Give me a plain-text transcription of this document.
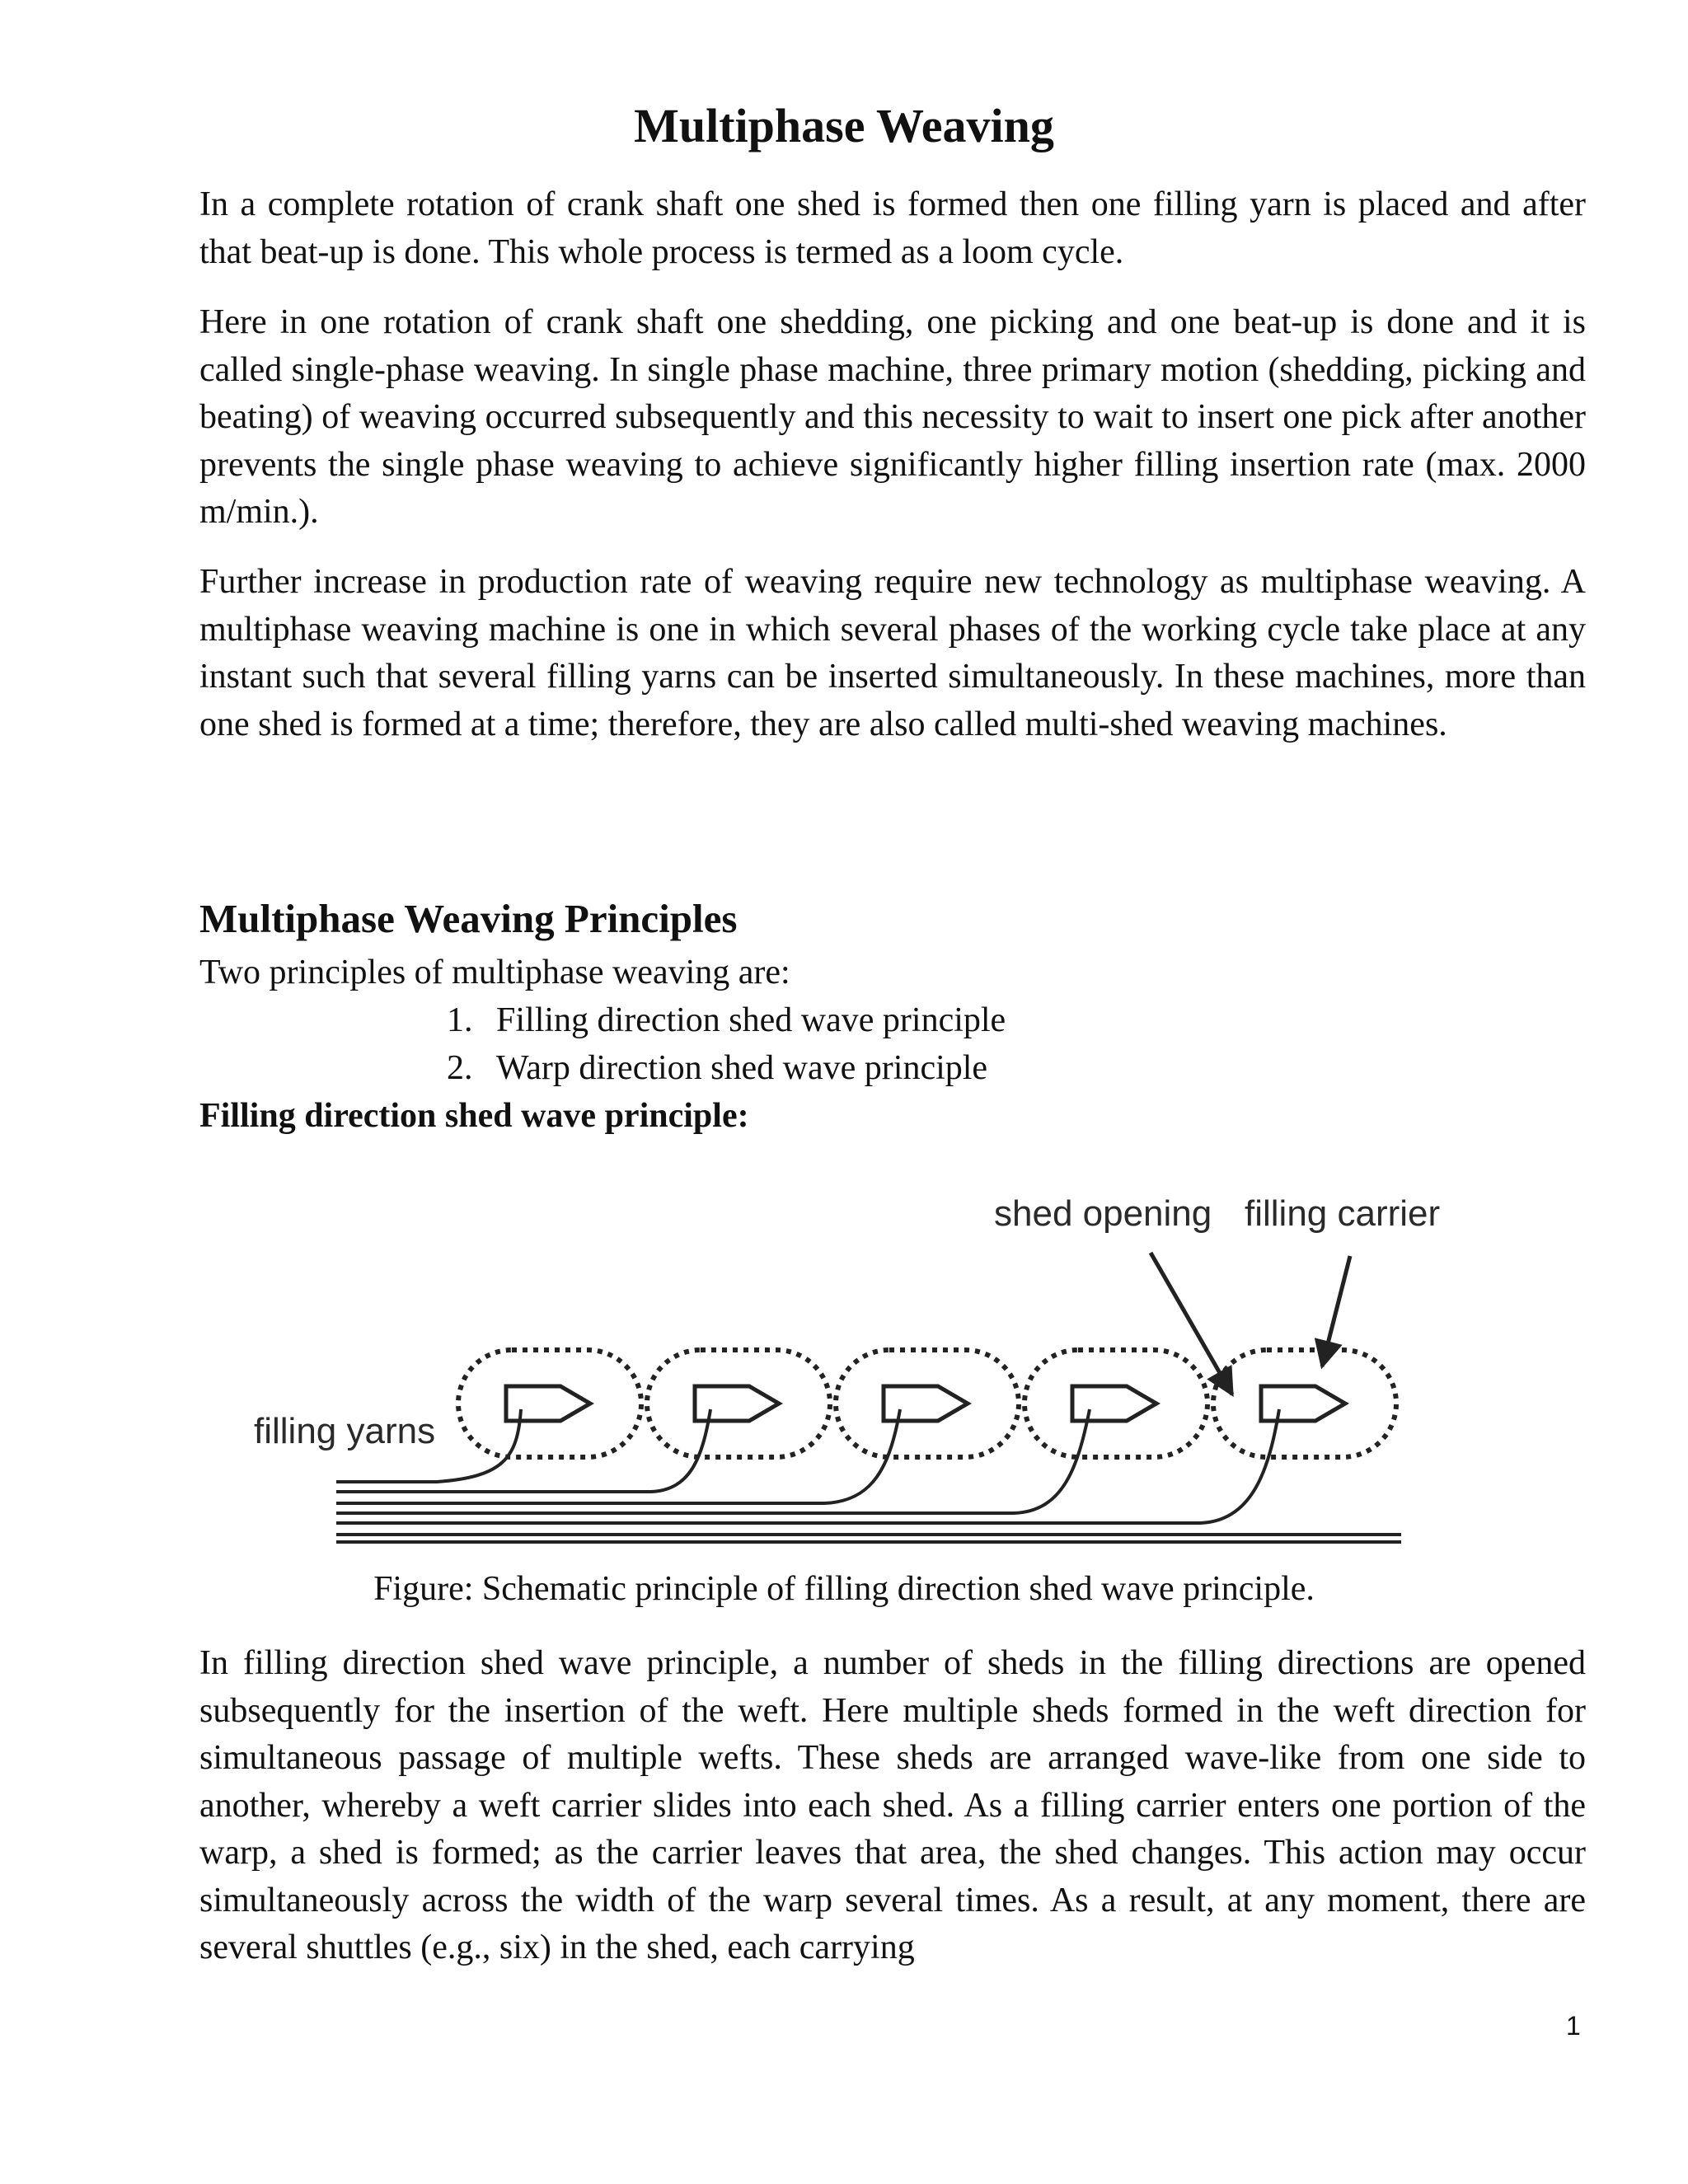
Multiphase Weaving

In a complete rotation of crank shaft one shed is formed then one filling yarn is placed and after that beat-up is done. This whole process is termed as a loom cycle.

Here in one rotation of crank shaft one shedding, one picking and one beat-up is done and it is called single-phase weaving. In single phase machine, three primary motion (shedding, picking and beating) of weaving occurred subsequently and this necessity to wait to insert one pick after another prevents the single phase weaving to achieve significantly higher filling insertion rate (max. 2000 m/min.).

Further increase in production rate of weaving require new technology as multiphase weaving. A multiphase weaving machine is one in which several phases of the working cycle take place at any instant such that several filling yarns can be inserted simultaneously. In these machines, more than one shed is formed at a time; therefore, they are also called multi-shed weaving machines.

Multiphase Weaving Principles

Two principles of multiphase weaving are:

1. Filling direction shed wave principle

2. Warp direction shed wave principle

Filling direction shed wave principle:

shed opening filling carrier
filling yarns

Figure: Schematic principle of filling direction shed wave principle.

In filling direction shed wave principle, a number of sheds in the filling directions are opened subsequently for the insertion of the weft. Here multiple sheds formed in the weft direction for simultaneous passage of multiple wefts. These sheds are arranged wave-like from one side to another, whereby a weft carrier slides into each shed. As a filling carrier enters one portion of the warp, a shed is formed; as the carrier leaves that area, the shed changes. This action may occur simultaneously across the width of the warp several times. As a result, at any moment, there are several shuttles (e.g., six) in the shed, each carrying

1
